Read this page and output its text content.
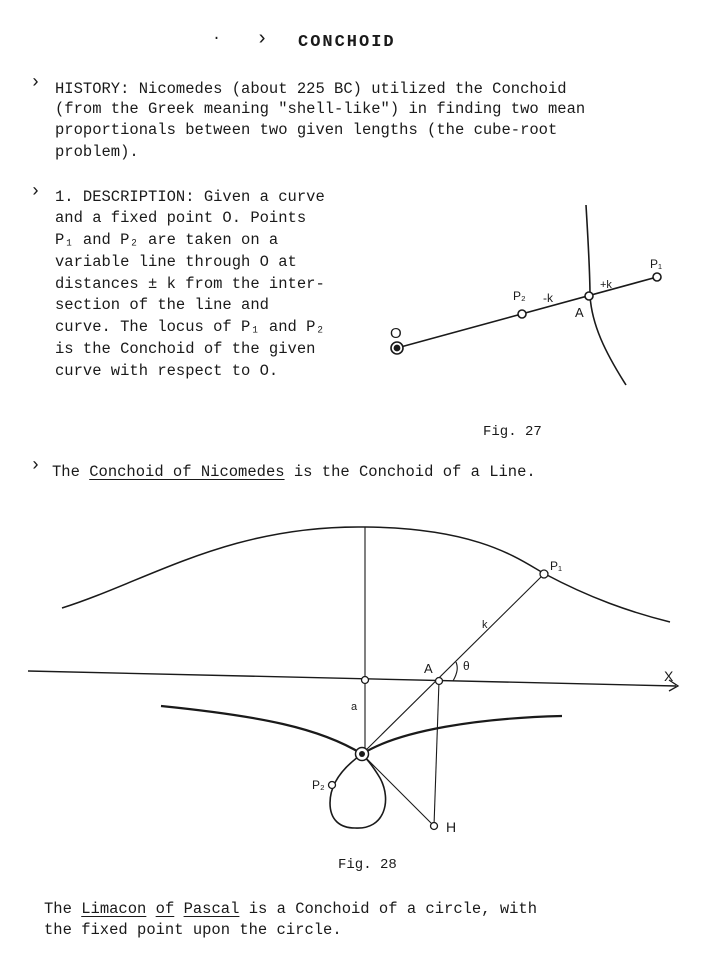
· › CONCHOID
› HISTORY: Nicomedes (about 225 BC) utilized the Conchoid
(from the Greek meaning "shell-like") in finding two mean
proportionals between two given lengths (the cube-root
problem).
› 1. DESCRIPTION: Given a curve
and a fixed point O. Points
P₁ and P₂ are taken on a
variable line through O at
distances ± k from the inter-
section of the line and
curve. The locus of P₁ and P₂
is the Conchoid of the given
curve with respect to O.
O
P₂ -k
A
+k
P₁
Fig. 27
› The Conchoid of Nicomedes is the Conchoid of a Line.
P₁
k
A	θ
X
a
P₂
H
Fig. 28
The Limacon of Pascal is a Conchoid of a circle, with
the fixed point upon the circle.
